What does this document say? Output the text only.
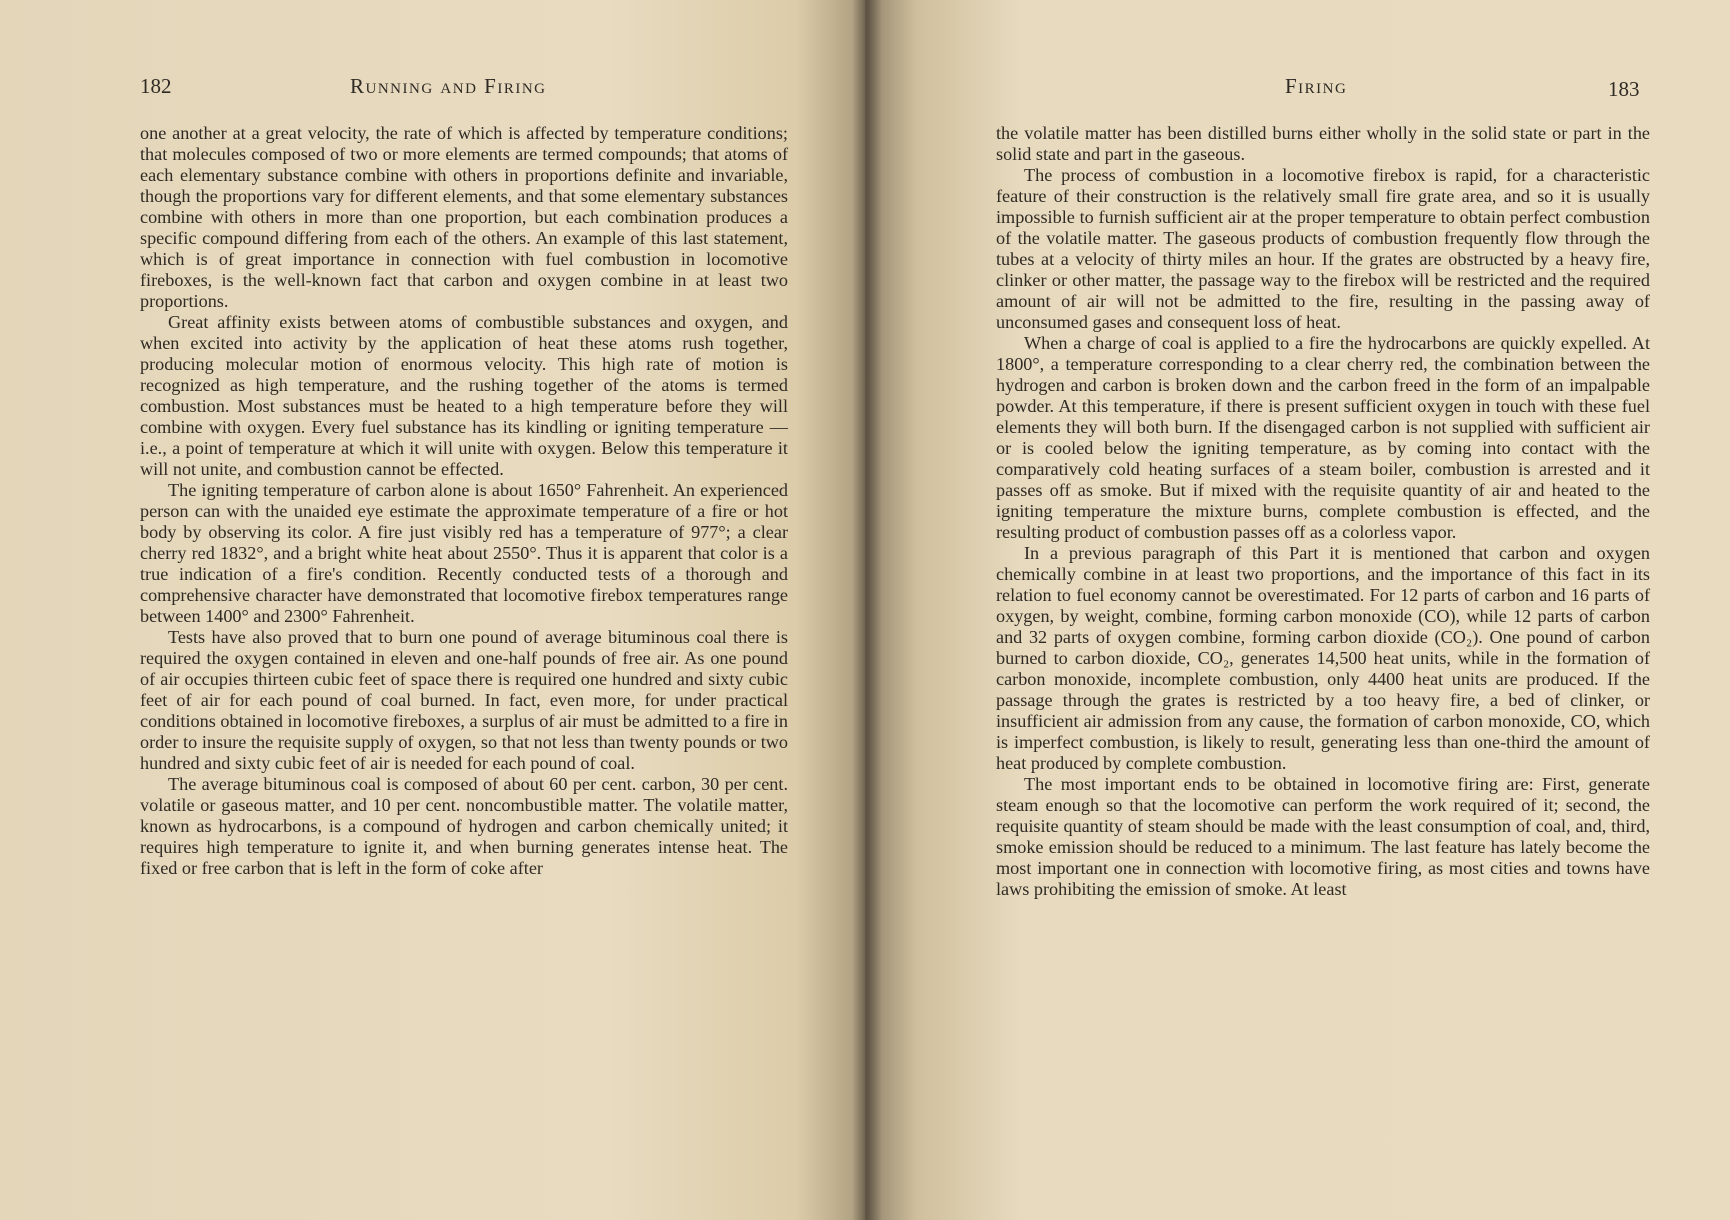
182	Running and Firing

one another at a great velocity, the rate of which is affected by temperature conditions; that molecules composed of two or more elements are termed compounds; that atoms of each elementary substance combine with others in proportions definite and invariable, though the proportions vary for different elements, and that some elementary substances combine with others in more than one proportion, but each combination produces a specific compound differing from each of the others. An example of this last statement, which is of great importance in connection with fuel combustion in locomotive fireboxes, is the well-known fact that carbon and oxygen combine in at least two proportions.

Great affinity exists between atoms of combustible substances and oxygen, and when excited into activity by the application of heat these atoms rush together, producing molecular motion of enormous velocity. This high rate of motion is recognized as high temperature, and the rushing together of the atoms is termed combustion. Most substances must be heated to a high temperature before they will combine with oxygen. Every fuel substance has its kindling or igniting temperature —i.e., a point of temperature at which it will unite with oxygen. Below this temperature it will not unite, and combustion cannot be effected.

The igniting temperature of carbon alone is about 1650° Fahrenheit. An experienced person can with the unaided eye estimate the approximate temperature of a fire or hot body by observing its color. A fire just visibly red has a temperature of 977°; a clear cherry red 1832°, and a bright white heat about 2550°. Thus it is apparent that color is a true indication of a fire's condition. Recently conducted tests of a thorough and comprehensive character have demonstrated that locomotive firebox temperatures range between 1400° and 2300° Fahrenheit.

Tests have also proved that to burn one pound of average bituminous coal there is required the oxygen contained in eleven and one-half pounds of free air. As one pound of air occupies thirteen cubic feet of space there is required one hundred and sixty cubic feet of air for each pound of coal burned. In fact, even more, for under practical conditions obtained in locomotive fireboxes, a surplus of air must be admitted to a fire in order to insure the requisite supply of oxygen, so that not less than twenty pounds or two hundred and sixty cubic feet of air is needed for each pound of coal.

The average bituminous coal is composed of about 60 per cent. carbon, 30 per cent. volatile or gaseous matter, and 10 per cent. noncombustible matter. The volatile matter, known as hydrocarbons, is a compound of hydrogen and carbon chemically united; it requires high temperature to ignite it, and when burning generates intense heat. The fixed or free carbon that is left in the form of coke after

Firing	183

the volatile matter has been distilled burns either wholly in the solid state or part in the solid state and part in the gaseous.

The process of combustion in a locomotive firebox is rapid, for a characteristic feature of their construction is the relatively small fire grate area, and so it is usually impossible to furnish sufficient air at the proper temperature to obtain perfect combustion of the volatile matter. The gaseous products of combustion frequently flow through the tubes at a velocity of thirty miles an hour. If the grates are obstructed by a heavy fire, clinker or other matter, the passage way to the firebox will be restricted and the required amount of air will not be admitted to the fire, resulting in the passing away of unconsumed gases and consequent loss of heat.

When a charge of coal is applied to a fire the hydrocarbons are quickly expelled. At 1800°, a temperature corresponding to a clear cherry red, the combination between the hydrogen and carbon is broken down and the carbon freed in the form of an impalpable powder. At this temperature, if there is present sufficient oxygen in touch with these fuel elements they will both burn. If the disengaged carbon is not supplied with sufficient air or is cooled below the igniting temperature, as by coming into contact with the comparatively cold heating surfaces of a steam boiler, combustion is arrested and it passes off as smoke. But if mixed with the requisite quantity of air and heated to the igniting temperature the mixture burns, complete combustion is effected, and the resulting product of combustion passes off as a colorless vapor.

In a previous paragraph of this Part it is mentioned that carbon and oxygen chemically combine in at least two proportions, and the importance of this fact in its relation to fuel economy cannot be overestimated. For 12 parts of carbon and 16 parts of oxygen, by weight, combine, forming carbon monoxide (CO), while 12 parts of carbon and 32 parts of oxygen combine, forming carbon dioxide (CO₂). One pound of carbon burned to carbon dioxide, CO₂, generates 14,500 heat units, while in the formation of carbon monoxide, incomplete combustion, only 4400 heat units are produced. If the passage through the grates is restricted by a too heavy fire, a bed of clinker, or insufficient air admission from any cause, the formation of carbon monoxide, CO, which is imperfect combustion, is likely to result, generating less than one-third the amount of heat produced by complete combustion.

The most important ends to be obtained in locomotive firing are: First, generate steam enough so that the locomotive can perform the work required of it; second, the requisite quantity of steam should be made with the least consumption of coal, and, third, smoke emission should be reduced to a minimum. The last feature has lately become the most important one in connection with locomotive firing, as most cities and towns have laws prohibiting the emission of smoke. At least
